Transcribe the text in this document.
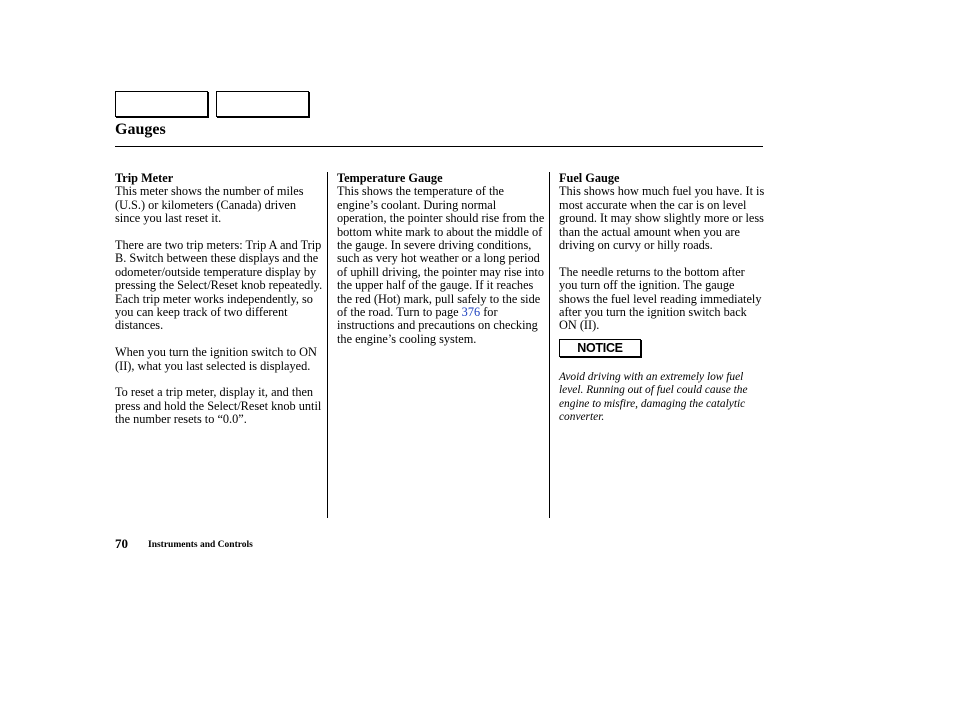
Gauges
Trip Meter

This meter shows the number of miles (U.S.) or kilometers (Canada) driven since you last reset it.

There are two trip meters: Trip A and Trip B. Switch between these displays and the odometer/outside temperature display by pressing the Select/Reset knob repeatedly. Each trip meter works independently, so you can keep track of two different distances.

When you turn the ignition switch to ON (II), what you last selected is displayed.

To reset a trip meter, display it, and then press and hold the Select/Reset knob until the number resets to “0.0”.

Temperature Gauge

This shows the temperature of the engine’s coolant. During normal operation, the pointer should rise from the bottom white mark to about the middle of the gauge. In severe driving conditions, such as very hot weather or a long period of uphill driving, the pointer may rise into the upper half of the gauge. If it reaches the red (Hot) mark, pull safely to the side of the road. Turn to page 376 for instructions and precautions on checking the engine’s cooling system.

Fuel Gauge

This shows how much fuel you have. It is most accurate when the car is on level ground. It may show slightly more or less than the actual amount when you are driving on curvy or hilly roads.

The needle returns to the bottom after you turn off the ignition. The gauge shows the fuel level reading immediately after you turn the ignition switch back ON (II).

NOTICE

Avoid driving with an extremely low fuel level. Running out of fuel could cause the engine to misfire, damaging the catalytic converter.

70 Instruments and Controls
